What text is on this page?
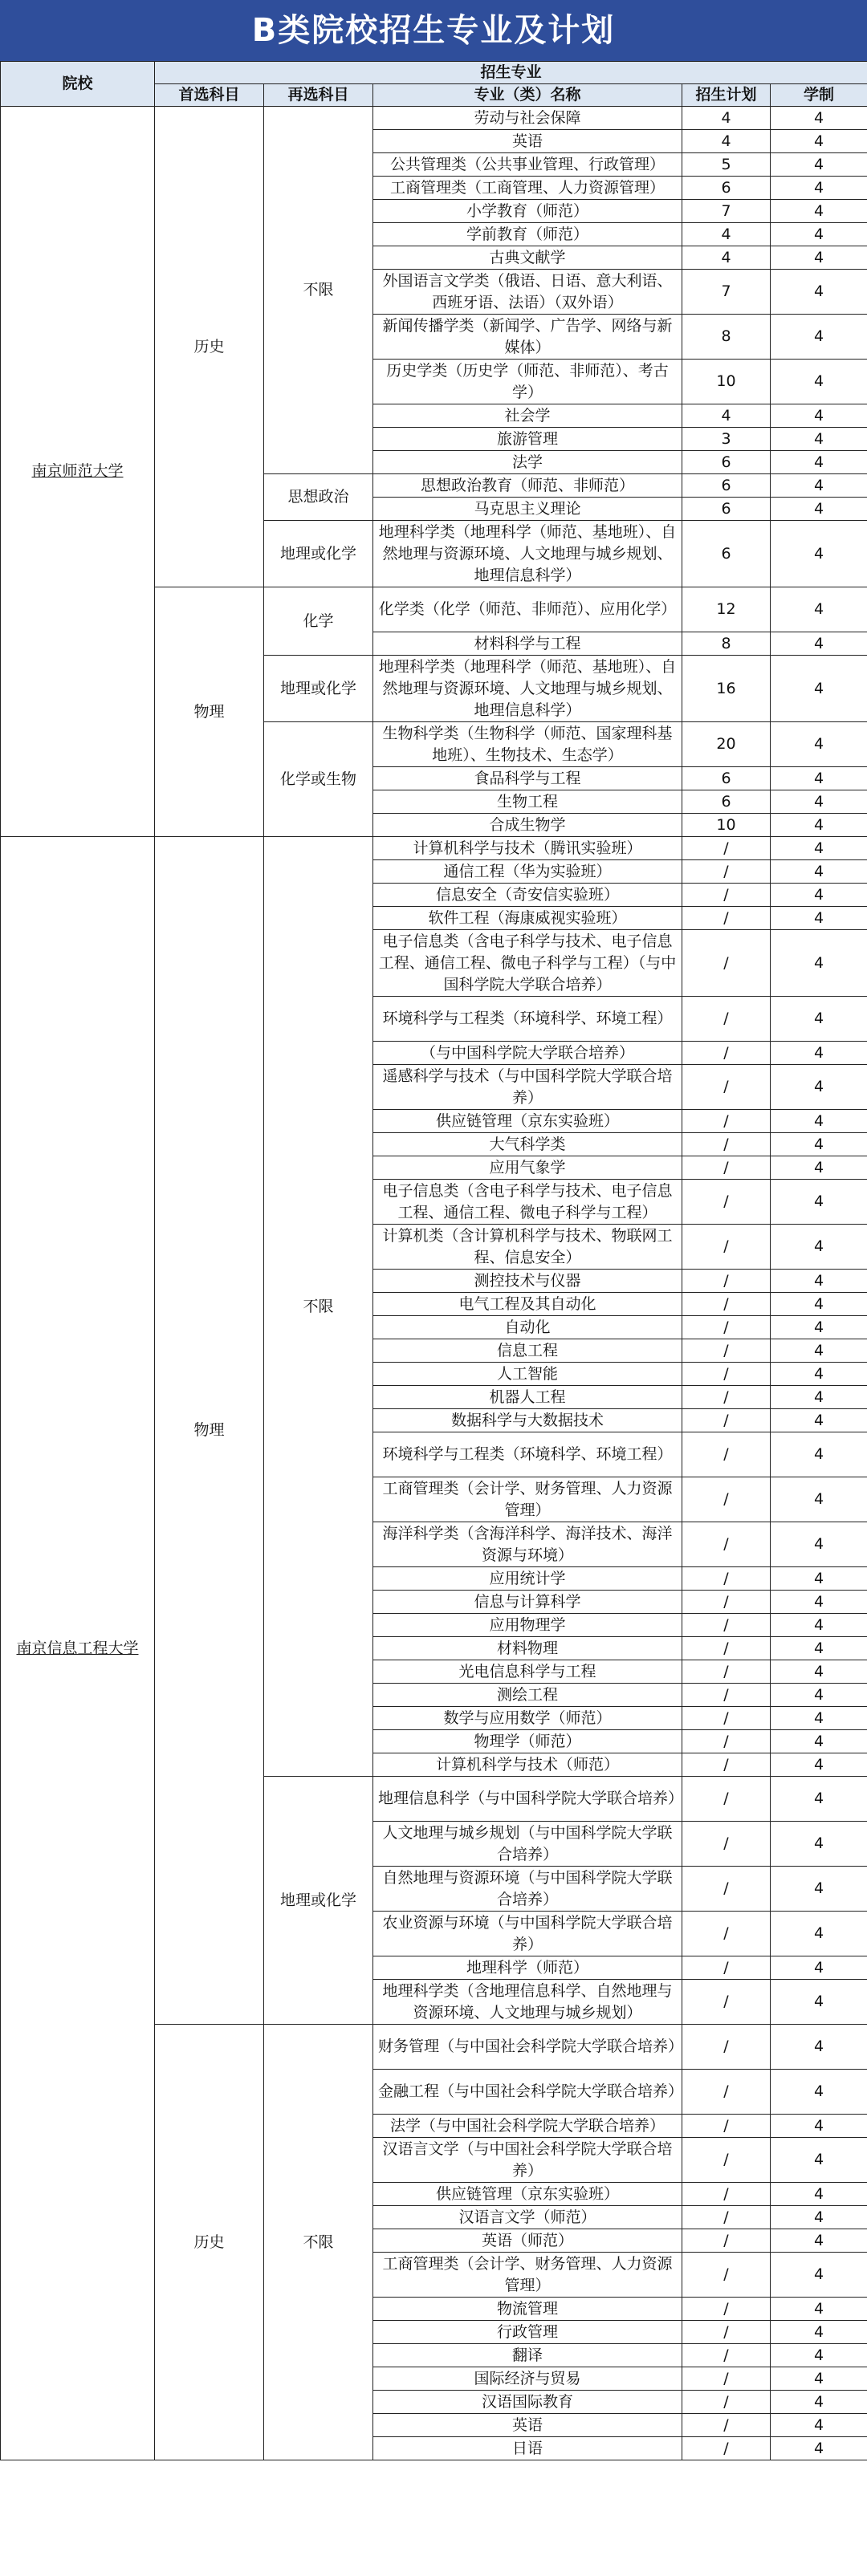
B类院校招生专业及计划
院校	招生专业				
	首选科目	再选科目	专业（类）名称	招生计划	学制
南京师范大学	历史	不限	劳动与社会保障	4	4
			英语	4	4
			公共管理类（公共事业管理、行政管理）	5	4
			工商管理类（工商管理、人力资源管理）	6	4
			小学教育（师范）	7	4
			学前教育（师范）	4	4
			古典文献学	4	4
			外国语言文学类（俄语、日语、意大利语、西班牙语、法语）（双外语）	7	4
			新闻传播学类（新闻学、广告学、网络与新媒体）	8	4
			历史学类（历史学（师范、非师范）、考古学）	10	4
			社会学	4	4
			旅游管理	3	4
			法学	6	4
		思想政治	思想政治教育（师范、非师范）	6	4
			马克思主义理论	6	4
		地理或化学	地理科学类（地理科学（师范、基地班）、自然地理与资源环境、人文地理与城乡规划、地理信息科学）	6	4
	物理	化学	化学类（化学（师范、非师范）、应用化学）	12	4
			材料科学与工程	8	4
		地理或化学	地理科学类（地理科学（师范、基地班）、自然地理与资源环境、人文地理与城乡规划、地理信息科学）	16	4
		化学或生物	生物科学类（生物科学（师范、国家理科基地班）、生物技术、生态学）	20	4
			食品科学与工程	6	4
			生物工程	6	4
			合成生物学	10	4
南京信息工程大学	物理	不限	计算机科学与技术（腾讯实验班）	/	4
			通信工程（华为实验班）	/	4
			信息安全（奇安信实验班）	/	4
			软件工程（海康威视实验班）	/	4
			电子信息类（含电子科学与技术、电子信息工程、通信工程、微电子科学与工程）（与中国科学院大学联合培养）	/	4
			环境科学与工程类（环境科学、环境工程）	/	4
			（与中国科学院大学联合培养）	/	4
			遥感科学与技术（与中国科学院大学联合培养）	/	4
			供应链管理（京东实验班）	/	4
			大气科学类	/	4
			应用气象学	/	4
			电子信息类（含电子科学与技术、电子信息工程、通信工程、微电子科学与工程）	/	4
			计算机类（含计算机科学与技术、物联网工程、信息安全）	/	4
			测控技术与仪器	/	4
			电气工程及其自动化	/	4
			自动化	/	4
			信息工程	/	4
			人工智能	/	4
			机器人工程	/	4
			数据科学与大数据技术	/	4
			环境科学与工程类（环境科学、环境工程）	/	4
			工商管理类（会计学、财务管理、人力资源管理）	/	4
			海洋科学类（含海洋科学、海洋技术、海洋资源与环境）	/	4
			应用统计学	/	4
			信息与计算科学	/	4
			应用物理学	/	4
			材料物理	/	4
			光电信息科学与工程	/	4
			测绘工程	/	4
			数学与应用数学（师范）	/	4
			物理学（师范）	/	4
			计算机科学与技术（师范）	/	4
		地理或化学	地理信息科学（与中国科学院大学联合培养）	/	4
			人文地理与城乡规划（与中国科学院大学联合培养）	/	4
			自然地理与资源环境（与中国科学院大学联合培养）	/	4
			农业资源与环境（与中国科学院大学联合培养）	/	4
			地理科学（师范）	/	4
			地理科学类（含地理信息科学、自然地理与资源环境、人文地理与城乡规划）	/	4
	历史	不限	财务管理（与中国社会科学院大学联合培养）	/	4
			金融工程（与中国社会科学院大学联合培养）	/	4
			法学（与中国社会科学院大学联合培养）	/	4
			汉语言文学（与中国社会科学院大学联合培养）	/	4
			供应链管理（京东实验班）	/	4
			汉语言文学（师范）	/	4
			英语（师范）	/	4
			工商管理类（会计学、财务管理、人力资源管理）	/	4
			物流管理	/	4
			行政管理	/	4
			翻译	/	4
			国际经济与贸易	/	4
			汉语国际教育	/	4
			英语	/	4
			日语	/	4
